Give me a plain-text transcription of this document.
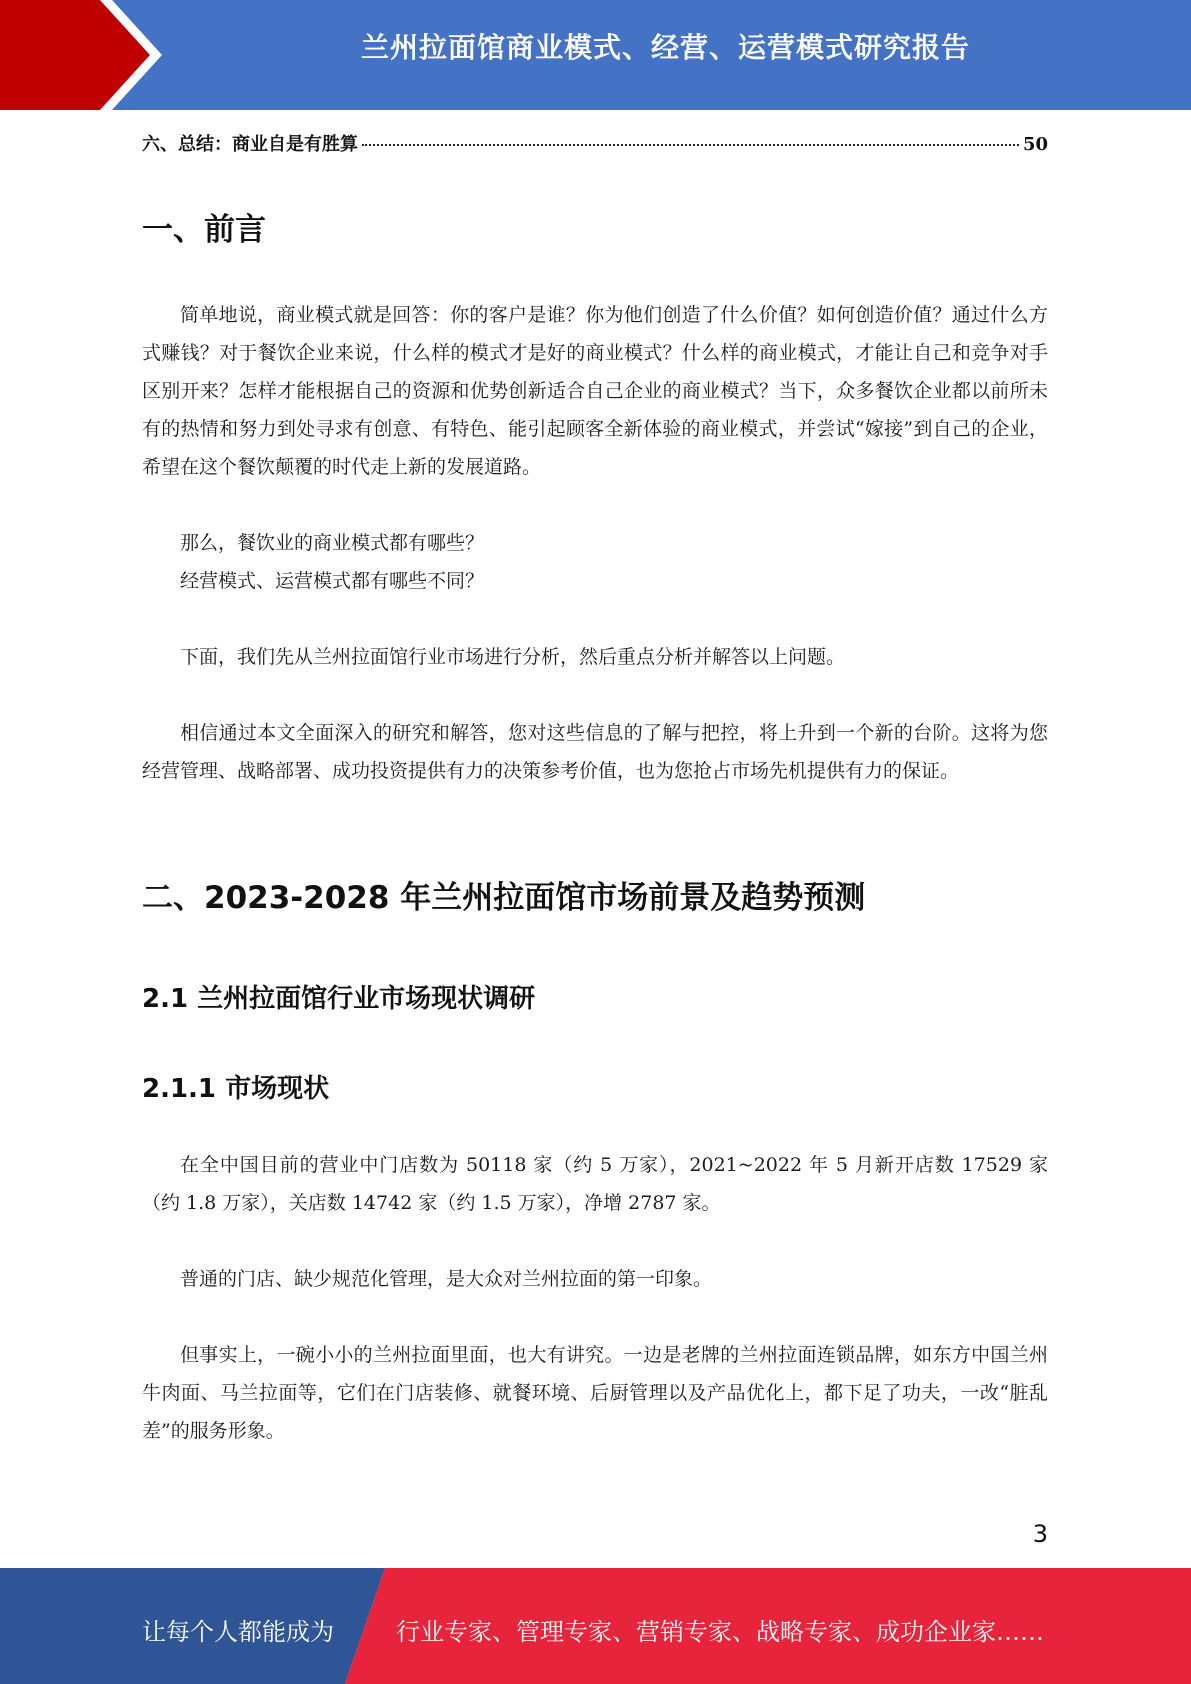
兰州拉面馆商业模式、经营、运营模式研究报告
六、总结：商业自是有胜算	50
一、前言

简单地说，商业模式就是回答：你的客户是谁？你为他们创造了什么价值？如何创造价值？通过什么方式赚钱？对于餐饮企业来说，什么样的模式才是好的商业模式？什么样的商业模式，才能让自己和竞争对手区别开来？怎样才能根据自己的资源和优势创新适合自己企业的商业模式？当下，众多餐饮企业都以前所未有的热情和努力到处寻求有创意、有特色、能引起顾客全新体验的商业模式，并尝试“嫁接”到自己的企业，希望在这个餐饮颠覆的时代走上新的发展道路。

那么，餐饮业的商业模式都有哪些？

经营模式、运营模式都有哪些不同？

下面，我们先从兰州拉面馆行业市场进行分析，然后重点分析并解答以上问题。

相信通过本文全面深入的研究和解答，您对这些信息的了解与把控，将上升到一个新的台阶。这将为您经营管理、战略部署、成功投资提供有力的决策参考价值，也为您抢占市场先机提供有力的保证。

二、2023-2028 年兰州拉面馆市场前景及趋势预测
2.1 兰州拉面馆行业市场现状调研
2.1.1 市场现状

在全中国目前的营业中门店数为 50118 家（约 5 万家），2021~2022 年 5 月新开店数 17529 家（约 1.8 万家），关店数 14742 家（约 1.5 万家），净增 2787 家。

普通的门店、缺少规范化管理，是大众对兰州拉面的第一印象。

但事实上，一碗小小的兰州拉面里面，也大有讲究。一边是老牌的兰州拉面连锁品牌，如东方中国兰州牛肉面、马兰拉面等，它们在门店装修、就餐环境、后厨管理以及产品优化上，都下足了功夫，一改“脏乱差”的服务形象。

3
让每个人都能成为	行业专家、管理专家、营销专家、战略专家、成功企业家……
